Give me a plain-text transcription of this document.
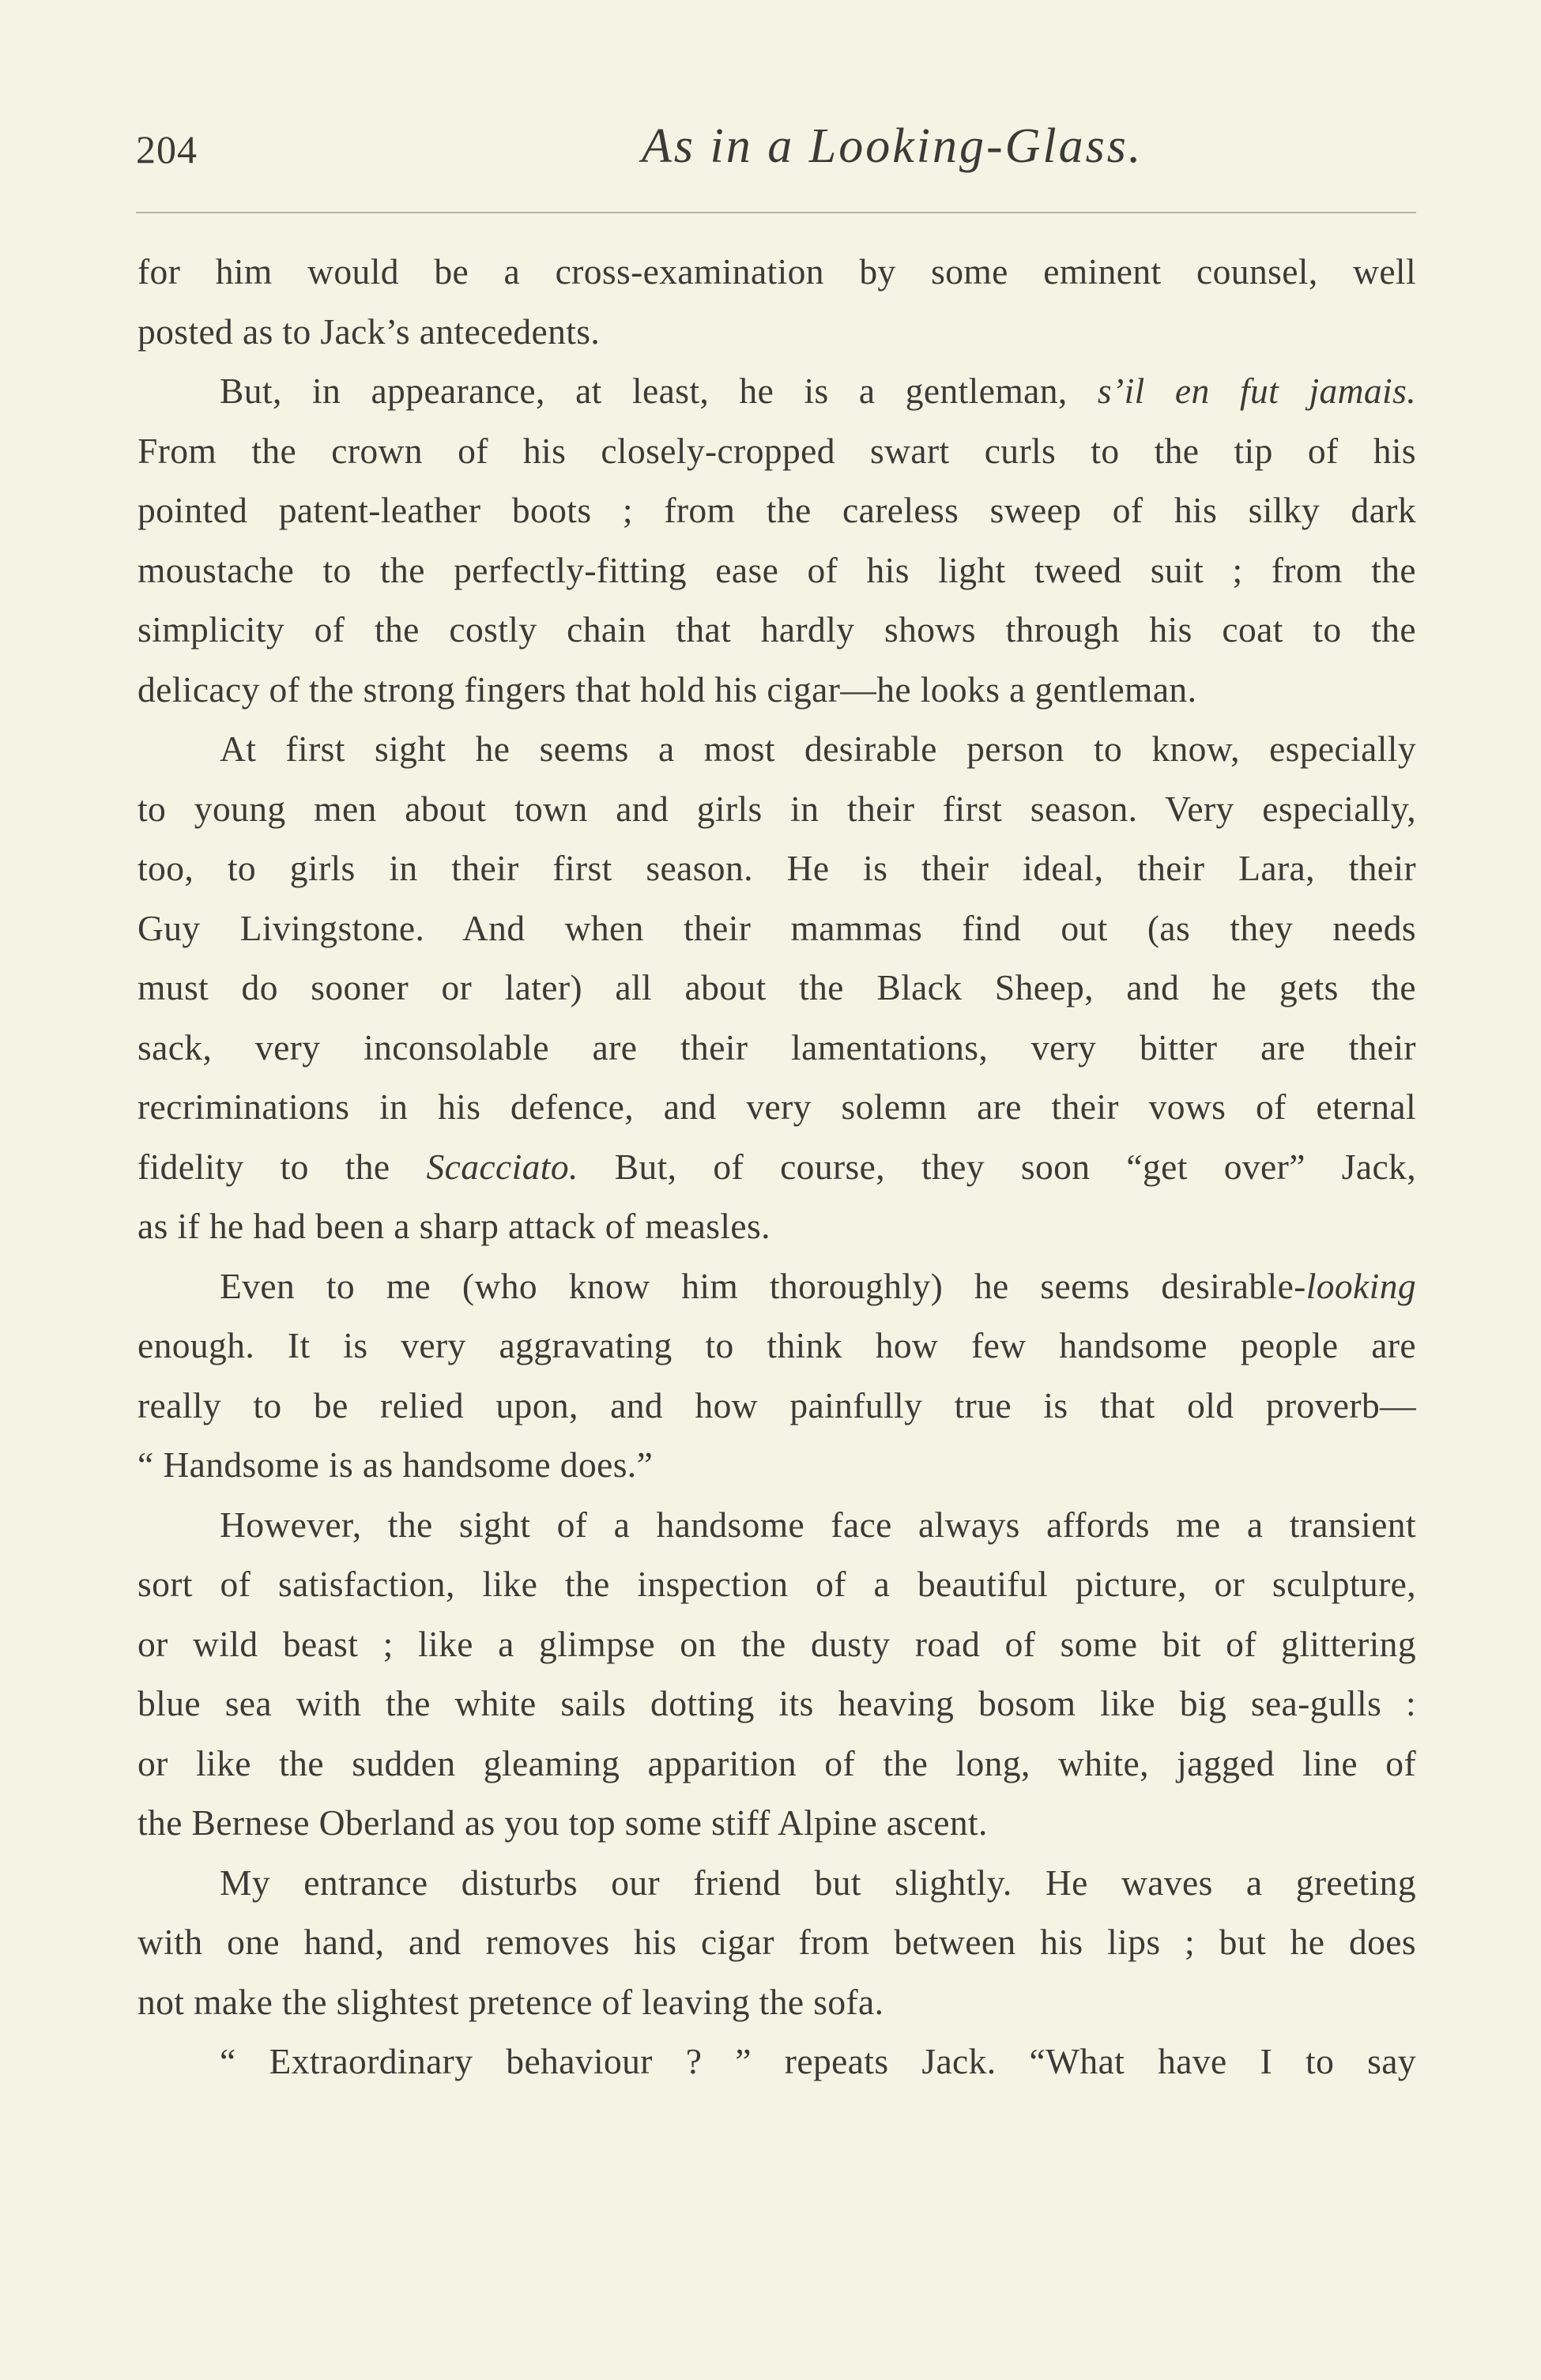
204	As in a Looking-Glass.
for him would be a cross-examination by some eminent counsel, well
posted as to Jack’s antecedents.
But, in appearance, at least, he is a gentleman, s’il en fut jamais.
From the crown of his closely-cropped swart curls to the tip of his
pointed patent-leather boots ; from the careless sweep of his silky dark
moustache to the perfectly-fitting ease of his light tweed suit ; from the
simplicity of the costly chain that hardly shows through his coat to the
delicacy of the strong fingers that hold his cigar—he looks a gentleman.
At first sight he seems a most desirable person to know, especially
to young men about town and girls in their first season. Very especially,
too, to girls in their first season. He is their ideal, their Lara, their
Guy Livingstone. And when their mammas find out (as they needs
must do sooner or later) all about the Black Sheep, and he gets the
sack, very inconsolable are their lamentations, very bitter are their
recriminations in his defence, and very solemn are their vows of eternal
fidelity to the Scacciato. But, of course, they soon “get over” Jack,
as if he had been a sharp attack of measles.
Even to me (who know him thoroughly) he seems desirable-looking
enough. It is very aggravating to think how few handsome people are
really to be relied upon, and how painfully true is that old proverb—
“ Handsome is as handsome does.”
However, the sight of a handsome face always affords me a transient
sort of satisfaction, like the inspection of a beautiful picture, or sculpture,
or wild beast ; like a glimpse on the dusty road of some bit of glittering
blue sea with the white sails dotting its heaving bosom like big sea-gulls :
or like the sudden gleaming apparition of the long, white, jagged line of
the Bernese Oberland as you top some stiff Alpine ascent.
My entrance disturbs our friend but slightly. He waves a greeting
with one hand, and removes his cigar from between his lips ; but he does
not make the slightest pretence of leaving the sofa.
“ Extraordinary behaviour ? ” repeats Jack. “What have I to say
